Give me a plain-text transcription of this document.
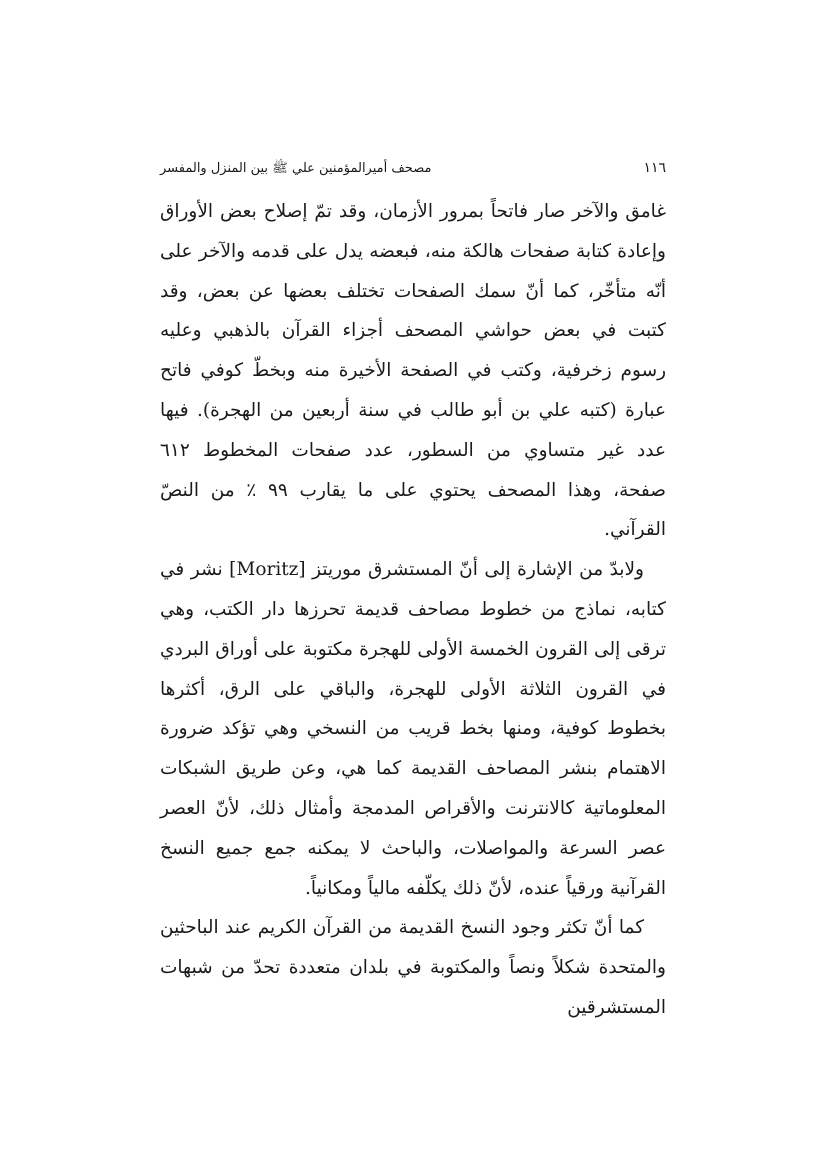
١١٦
مصحف أميرالمؤمنين علي ﷺ بين المنزل والمفسر

غامق والآخر صار فاتحاً بمرور الأزمان، وقد تمّ إصلاح بعض الأوراق وإعادة كتابة صفحات هالكة منه، فبعضه يدل على قدمه والآخر على أنّه متأخّر، كما أنّ سمك الصفحات تختلف بعضها عن بعض، وقد كتبت في بعض حواشي المصحف أجزاء القرآن بالذهبي وعليه رسوم زخرفية، وكتب في الصفحة الأخيرة منه وبخطّ كوفي فاتح عبارة (كتبه علي بن أبو طالب في سنة أربعين من الهجرة). فيها عدد غير متساوي من السطور، عدد صفحات المخطوط ٦١٢ صفحة، وهذا المصحف يحتوي على ما يقارب ٩٩ ٪ من النصّ القرآني.

ولابدّ من الإشارة إلى أنّ المستشرق موريتز [Moritz] نشر في كتابه، نماذج من خطوط مصاحف قديمة تحرزها دار الكتب، وهي ترقى إلى القرون الخمسة الأولى للهجرة مكتوبة على أوراق البردي في القرون الثلاثة الأولى للهجرة، والباقي على الرق، أكثرها بخطوط كوفية، ومنها بخط قريب من النسخي وهي تؤكد ضرورة الاهتمام بنشر المصاحف القديمة كما هي، وعن طريق الشبكات المعلوماتية كالانترنت والأقراص المدمجة وأمثال ذلك، لأنّ العصر عصر السرعة والمواصلات، والباحث لا يمكنه جمع جميع النسخ القرآنية ورقياً عنده، لأنّ ذلك يكلّفه مالياً ومكانياً.

كما أنّ تكثر وجود النسخ القديمة من القرآن الكريم عند الباحثين والمتحدة شكلاً ونصاً والمكتوبة في بلدان متعددة تحدّ من شبهات المستشرقين
